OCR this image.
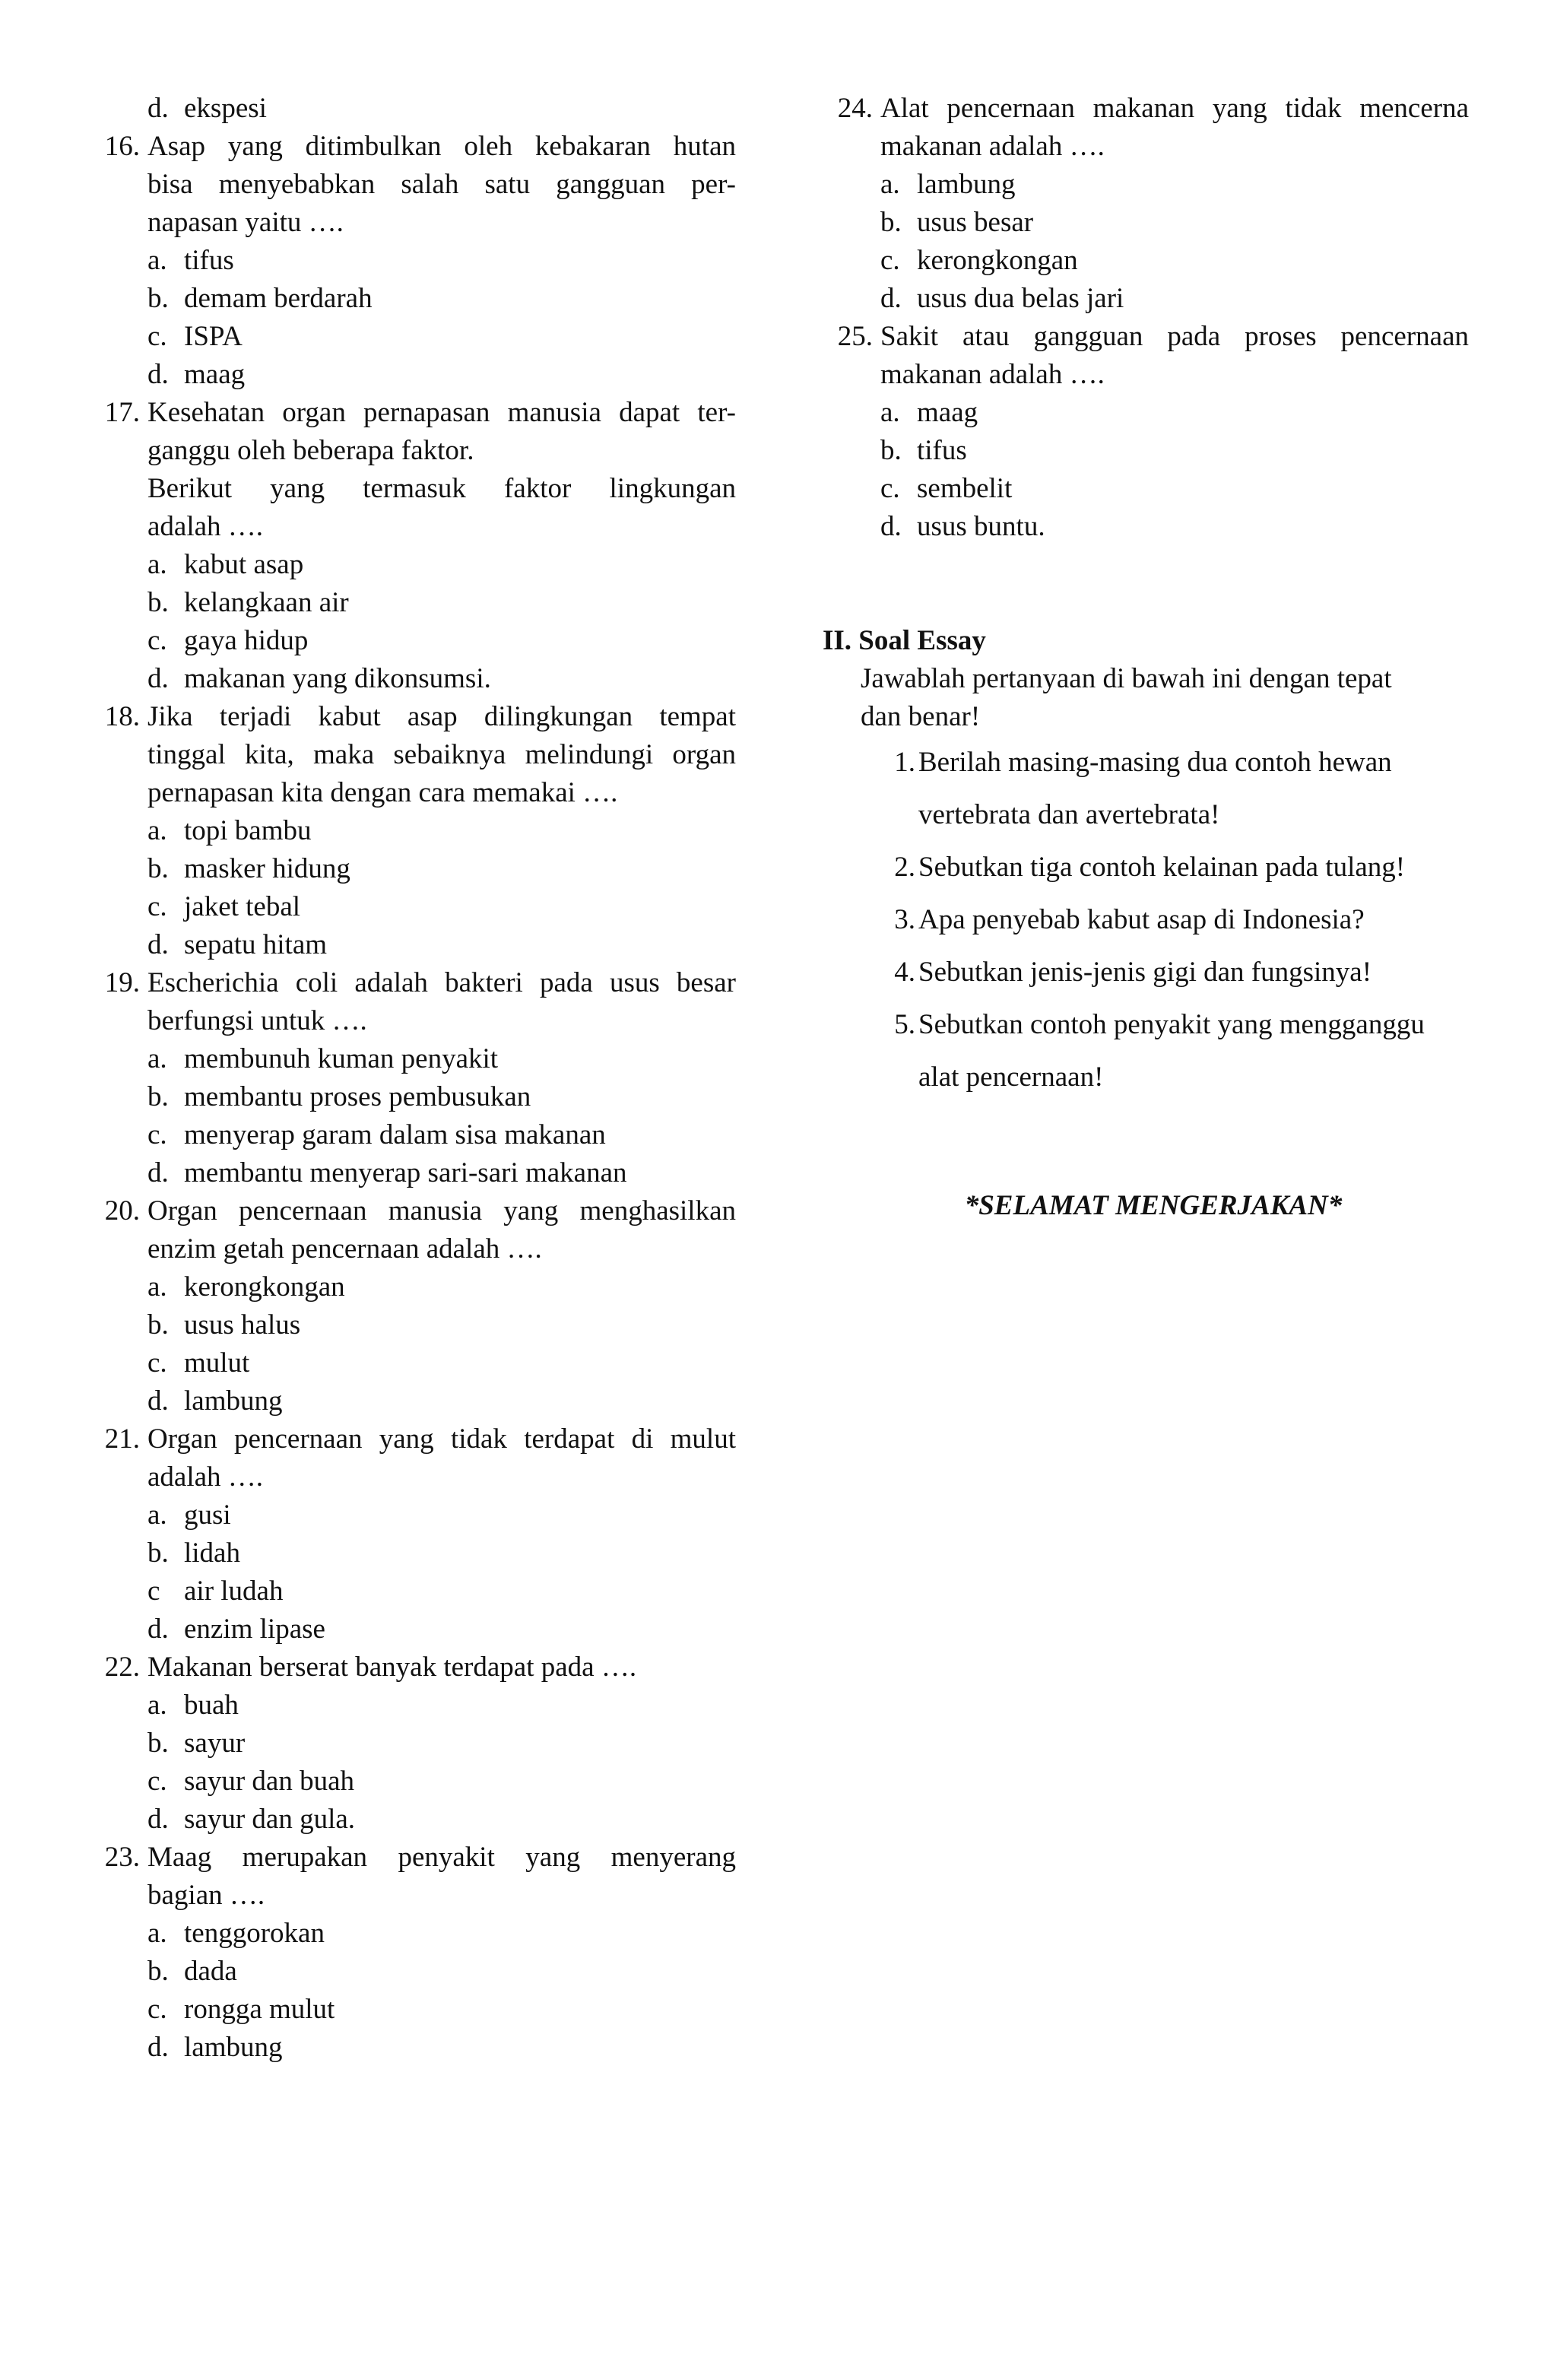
d. ekspesi
16. Asap yang ditimbulkan oleh kebakaran hutan
bisa menyebabkan salah satu gangguan per-
napasan yaitu ….
a. tifus
b. demam berdarah
c. ISPA
d. maag
17. Kesehatan organ pernapasan manusia dapat ter-
ganggu oleh beberapa faktor.
Berikut yang termasuk faktor lingkungan
adalah ….
a. kabut asap
b. kelangkaan air
c. gaya hidup
d. makanan yang dikonsumsi.
18. Jika terjadi kabut asap dilingkungan tempat
tinggal kita, maka sebaiknya melindungi organ
pernapasan kita dengan cara memakai ….
a. topi bambu
b. masker hidung
c. jaket tebal
d. sepatu hitam
19. Escherichia coli adalah bakteri pada usus besar
berfungsi untuk ….
a. membunuh kuman penyakit
b. membantu proses pembusukan
c. menyerap garam dalam sisa makanan
d. membantu menyerap sari-sari makanan
20. Organ pencernaan manusia yang menghasilkan
enzim getah pencernaan adalah ….
a. kerongkongan
b. usus halus
c. mulut
d. lambung
21. Organ pencernaan yang tidak terdapat di mulut
adalah ….
a. gusi
b. lidah
c air ludah
d. enzim lipase
22. Makanan berserat banyak terdapat pada ….
a. buah
b. sayur
c. sayur dan buah
d. sayur dan gula.
23. Maag merupakan penyakit yang menyerang
bagian ….
a. tenggorokan
b. dada
c. rongga mulut
d. lambung
24. Alat pencernaan makanan yang tidak mencerna
makanan adalah ….
a. lambung
b. usus besar
c. kerongkongan
d. usus dua belas jari
25. Sakit atau gangguan pada proses pencernaan
makanan adalah ….
a. maag
b. tifus
c. sembelit
d. usus buntu.
II. Soal Essay
Jawablah pertanyaan di bawah ini dengan tepat
dan benar!
1. Berilah masing-masing dua contoh hewan
vertebrata dan avertebrata!
2. Sebutkan tiga contoh kelainan pada tulang!
3. Apa penyebab kabut asap di Indonesia?
4. Sebutkan jenis-jenis gigi dan fungsinya!
5. Sebutkan contoh penyakit yang mengganggu
alat pencernaan!
*SELAMAT MENGERJAKAN*
